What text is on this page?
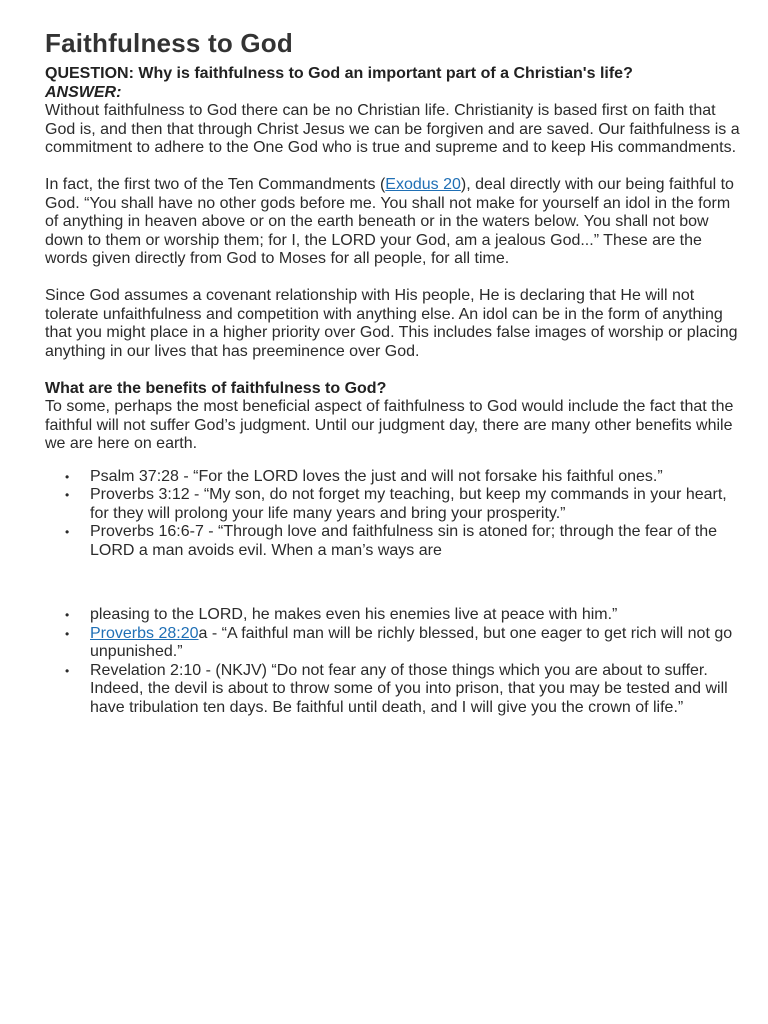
Faithfulness to God

QUESTION: Why is faithfulness to God an important part of a Christian's life?

ANSWER:

Without faithfulness to God there can be no Christian life. Christianity is based first on faith that God is, and then that through Christ Jesus we can be forgiven and are saved. Our faithfulness is a commitment to adhere to the One God who is true and supreme and to keep His commandments.

In fact, the first two of the Ten Commandments (Exodus 20), deal directly with our being faithful to God. “You shall have no other gods before me. You shall not make for yourself an idol in the form of anything in heaven above or on the earth beneath or in the waters below. You shall not bow down to them or worship them; for I, the LORD your God, am a jealous God...” These are the words given directly from God to Moses for all people, for all time.

Since God assumes a covenant relationship with His people, He is declaring that He will not tolerate unfaithfulness and competition with anything else. An idol can be in the form of anything that you might place in a higher priority over God. This includes false images of worship or placing anything in our lives that has preeminence over God.

What are the benefits of faithfulness to God?

To some, perhaps the most beneficial aspect of faithfulness to God would include the fact that the faithful will not suffer God’s judgment. Until our judgment day, there are many other benefits while we are here on earth.

• Psalm 37:28 - “For the LORD loves the just and will not forsake his faithful ones.”
• Proverbs 3:12 - “My son, do not forget my teaching, but keep my commands in your heart, for they will prolong your life many years and bring your prosperity.”
• Proverbs 16:6-7 - “Through love and faithfulness sin is atoned for; through the fear of the LORD a man avoids evil. When a man’s ways are
• pleasing to the LORD, he makes even his enemies live at peace with him.”
• Proverbs 28:20a - “A faithful man will be richly blessed, but one eager to get rich will not go unpunished.”
• Revelation 2:10 - (NKJV) “Do not fear any of those things which you are about to suffer. Indeed, the devil is about to throw some of you into prison, that you may be tested and will have tribulation ten days. Be faithful until death, and I will give you the crown of life.”
